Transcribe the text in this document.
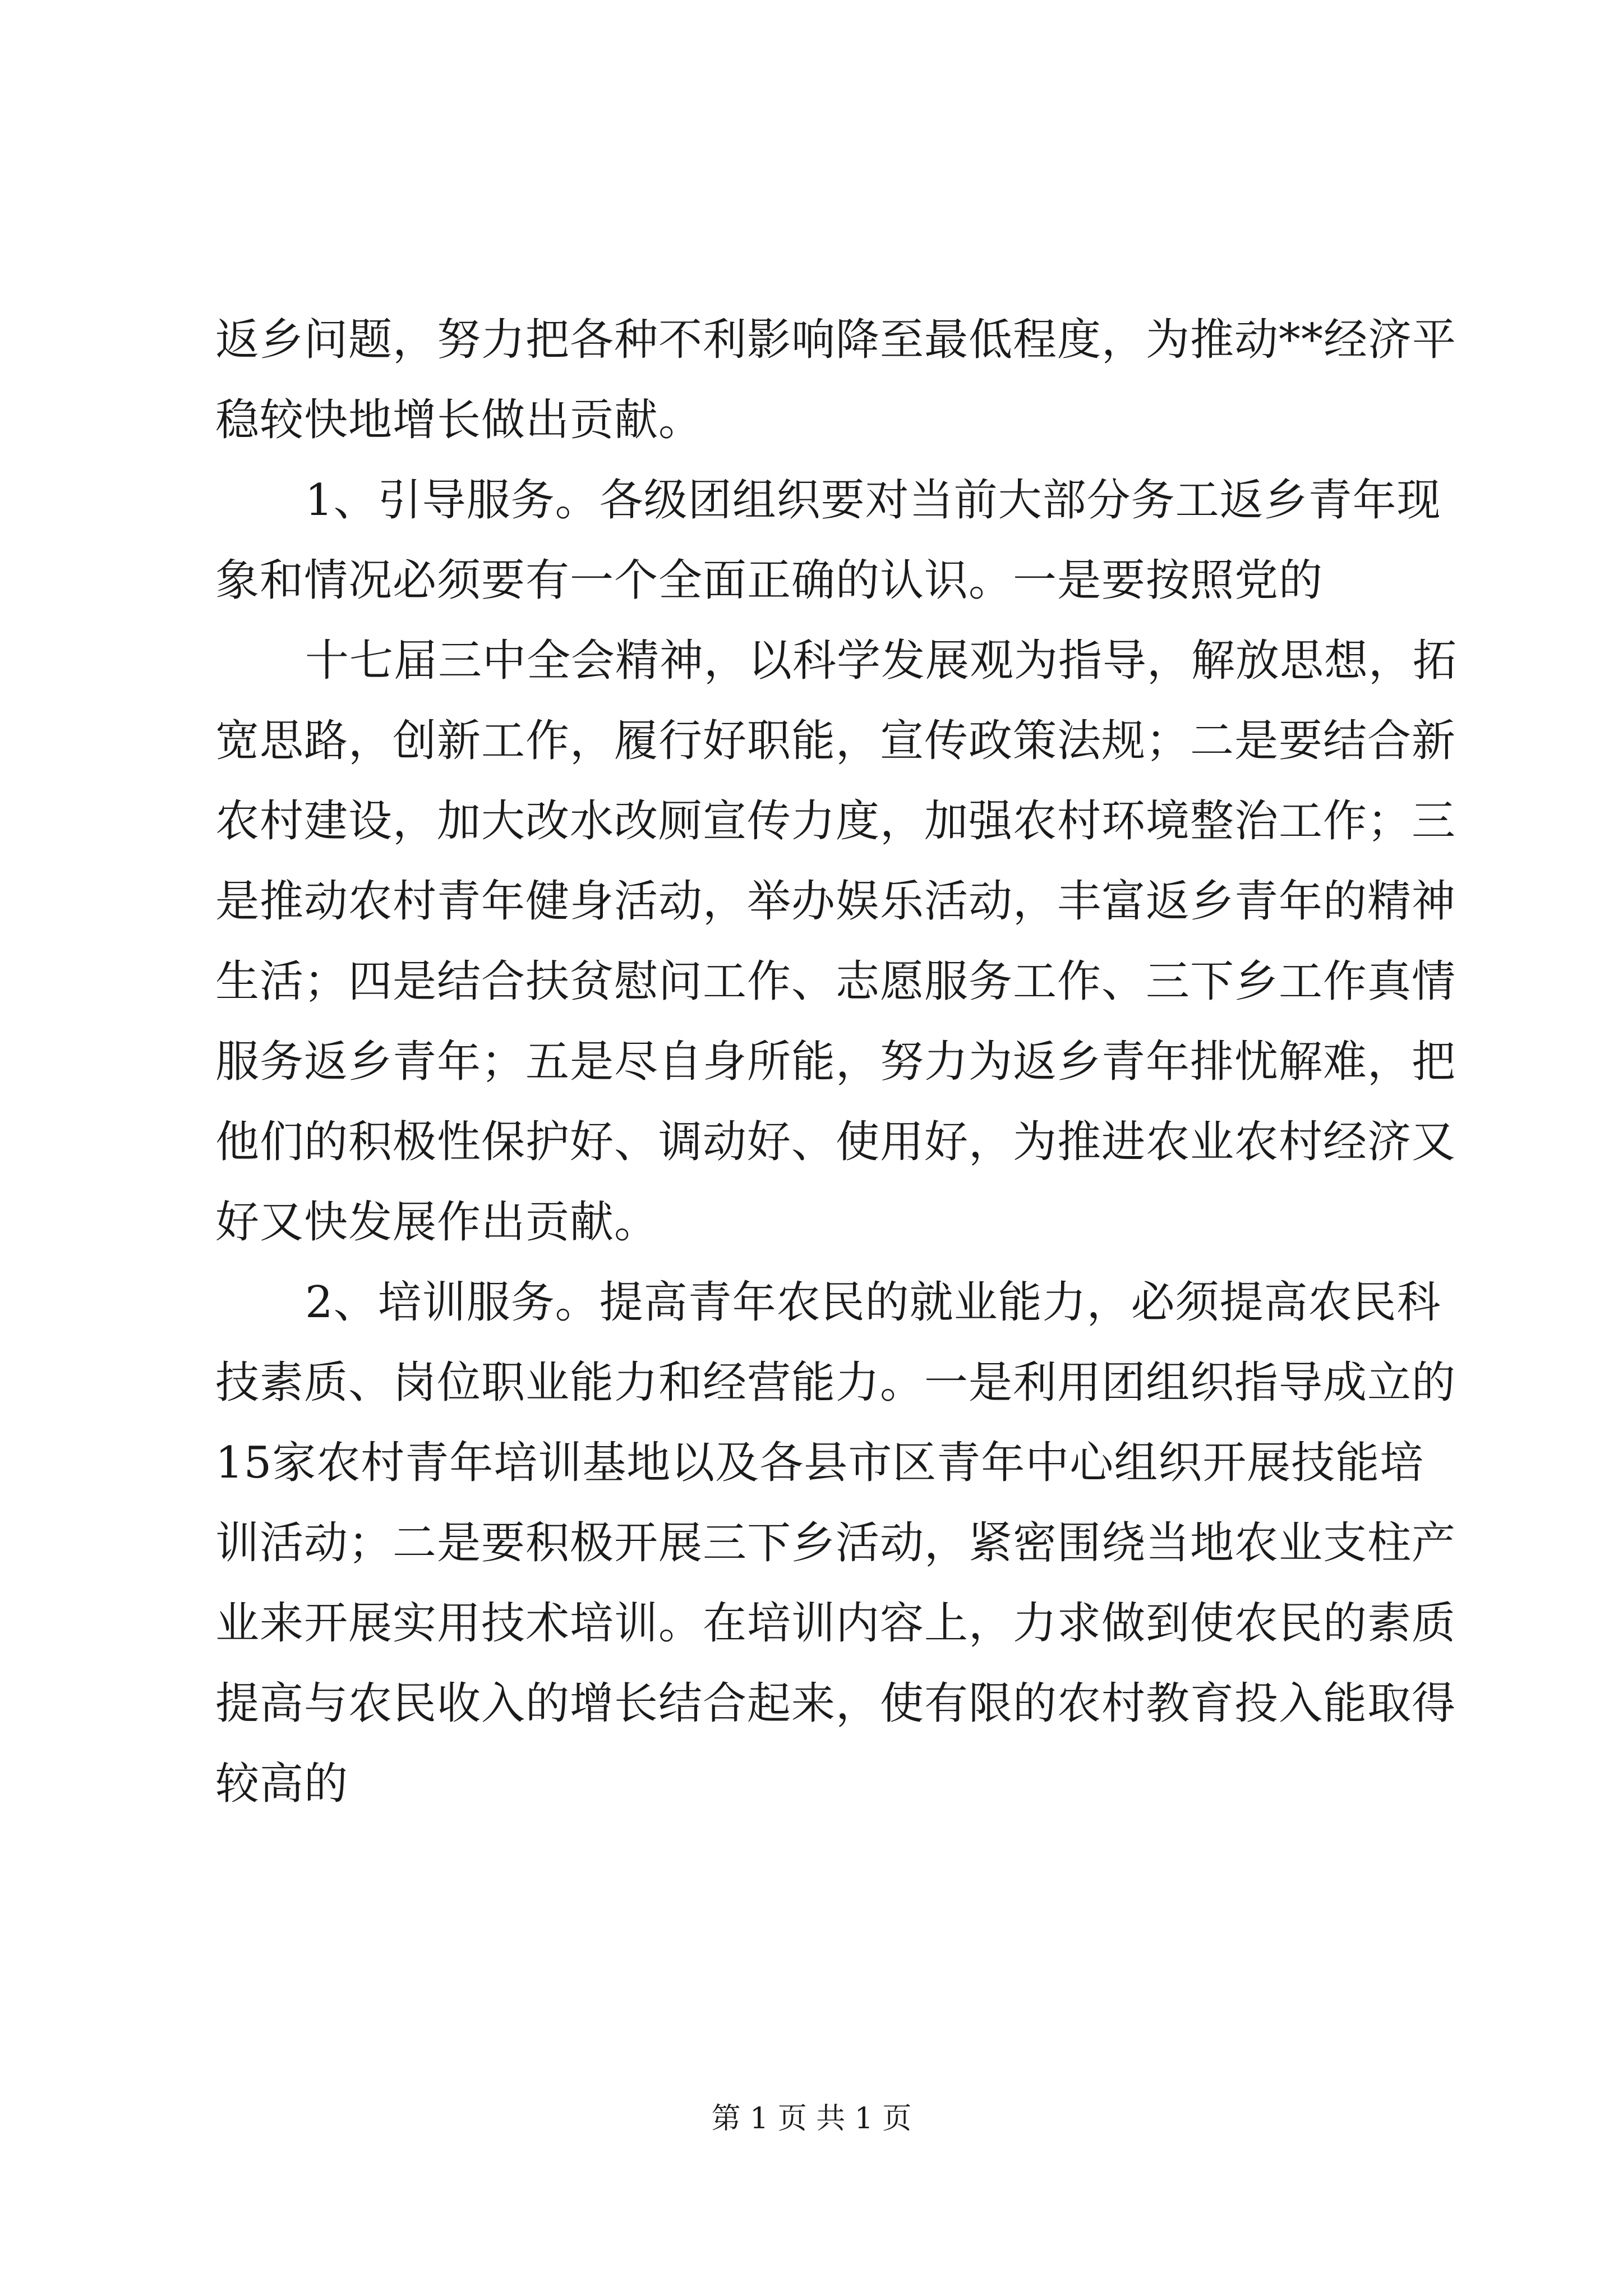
返乡问题，努力把各种不利影响降至最低程度，为推动**经济平
稳较快地增长做出贡献。
1、引导服务。各级团组织要对当前大部分务工返乡青年现
象和情况必须要有一个全面正确的认识。一是要按照党的
十七届三中全会精神，以科学发展观为指导，解放思想，拓
宽思路，创新工作，履行好职能，宣传政策法规；二是要结合新
农村建设，加大改水改厕宣传力度，加强农村环境整治工作；三
是推动农村青年健身活动，举办娱乐活动，丰富返乡青年的精神
生活；四是结合扶贫慰问工作、志愿服务工作、三下乡工作真情
服务返乡青年；五是尽自身所能，努力为返乡青年排忧解难，把
他们的积极性保护好、调动好、使用好，为推进农业农村经济又
好又快发展作出贡献。
2、培训服务。提高青年农民的就业能力，必须提高农民科
技素质、岗位职业能力和经营能力。一是利用团组织指导成立的
15家农村青年培训基地以及各县市区青年中心组织开展技能培
训活动；二是要积极开展三下乡活动，紧密围绕当地农业支柱产
业来开展实用技术培训。在培训内容上，力求做到使农民的素质
提高与农民收入的增长结合起来，使有限的农村教育投入能取得
较高的
第 1 页 共 1 页
